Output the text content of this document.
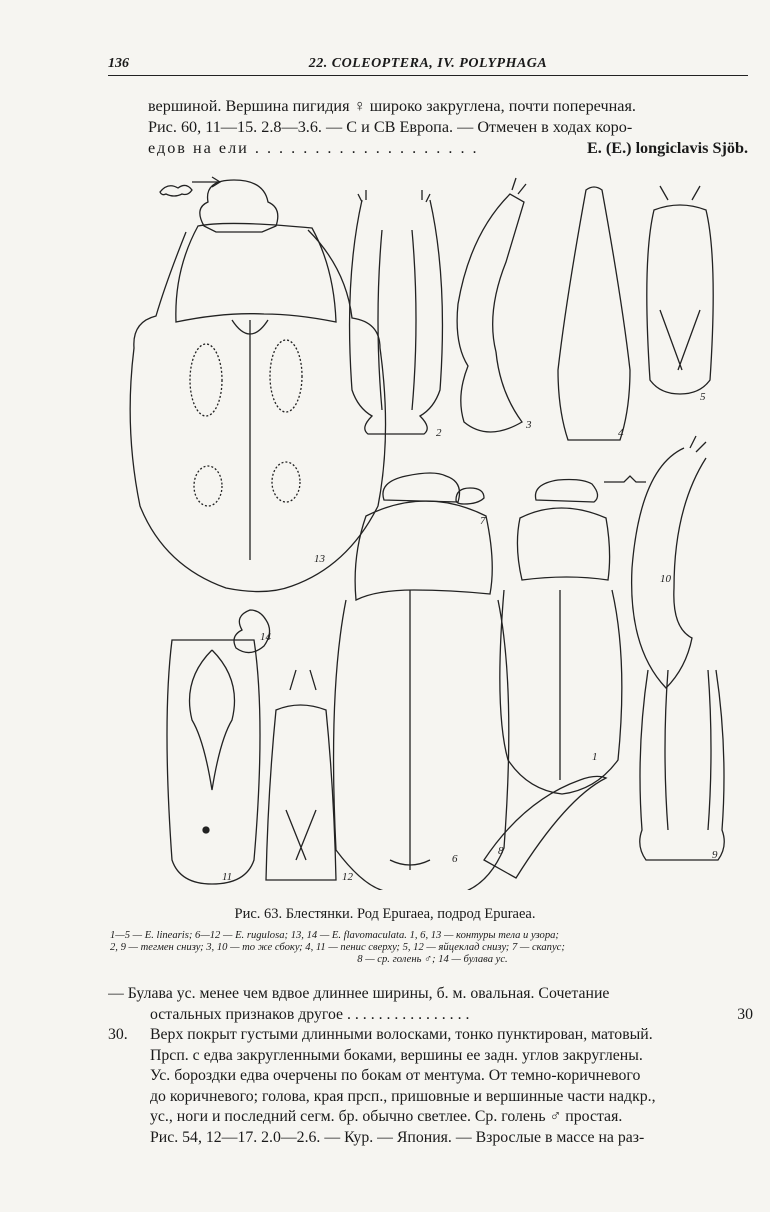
136	22. COLEOPTERA, IV. POLYPHAGA
вершиной. Вершина пигидия ♀ широко закруглена, почти поперечная.
Рис. 60, 11—15. 2.8—3.6. — С и СВ Европа. — Отмечен в ходах коро-
едов на ели . . . . . . . . . . . . . . . . . . .	E. (E.) longiclavis Sjöb.
13
2
3
4
5
6
7
8	9
10
11	12
1
14
Рис. 63. Блестянки. Род Epuraea, подрод Epuraea.
1—5 — E. linearis; 6—12 — E. rugulosa; 13, 14 — E. flavomaculata. 1, 6, 13 — контуры тела и узора;
2, 9 — тегмен снизу; 3, 10 — то же сбоку; 4, 11 — пенис сверху; 5, 12 — яйцеклад снизу; 7 — скапус;
8 — ср. голень ♂; 14 — булава ус.
— Булава ус. менее чем вдвое длиннее ширины, б. м. овальная. Сочетание
остальных признаков другое . . . . . . . . . . . . . . . .	30
30. Верх покрыт густыми длинными волосками, тонко пунктирован, матовый.
Прсп. с едва закругленными боками, вершины ее задн. углов закруглены.
Ус. бороздки едва очерчены по бокам от ментума. От темно-коричневого
до коричневого; голова, края прсп., пришовные и вершинные части надкр.,
ус., ноги и последний сегм. бр. обычно светлее. Ср. голень ♂ простая.
Рис. 54, 12—17. 2.0—2.6. — Кур. — Япония. — Взрослые в массе на раз-
